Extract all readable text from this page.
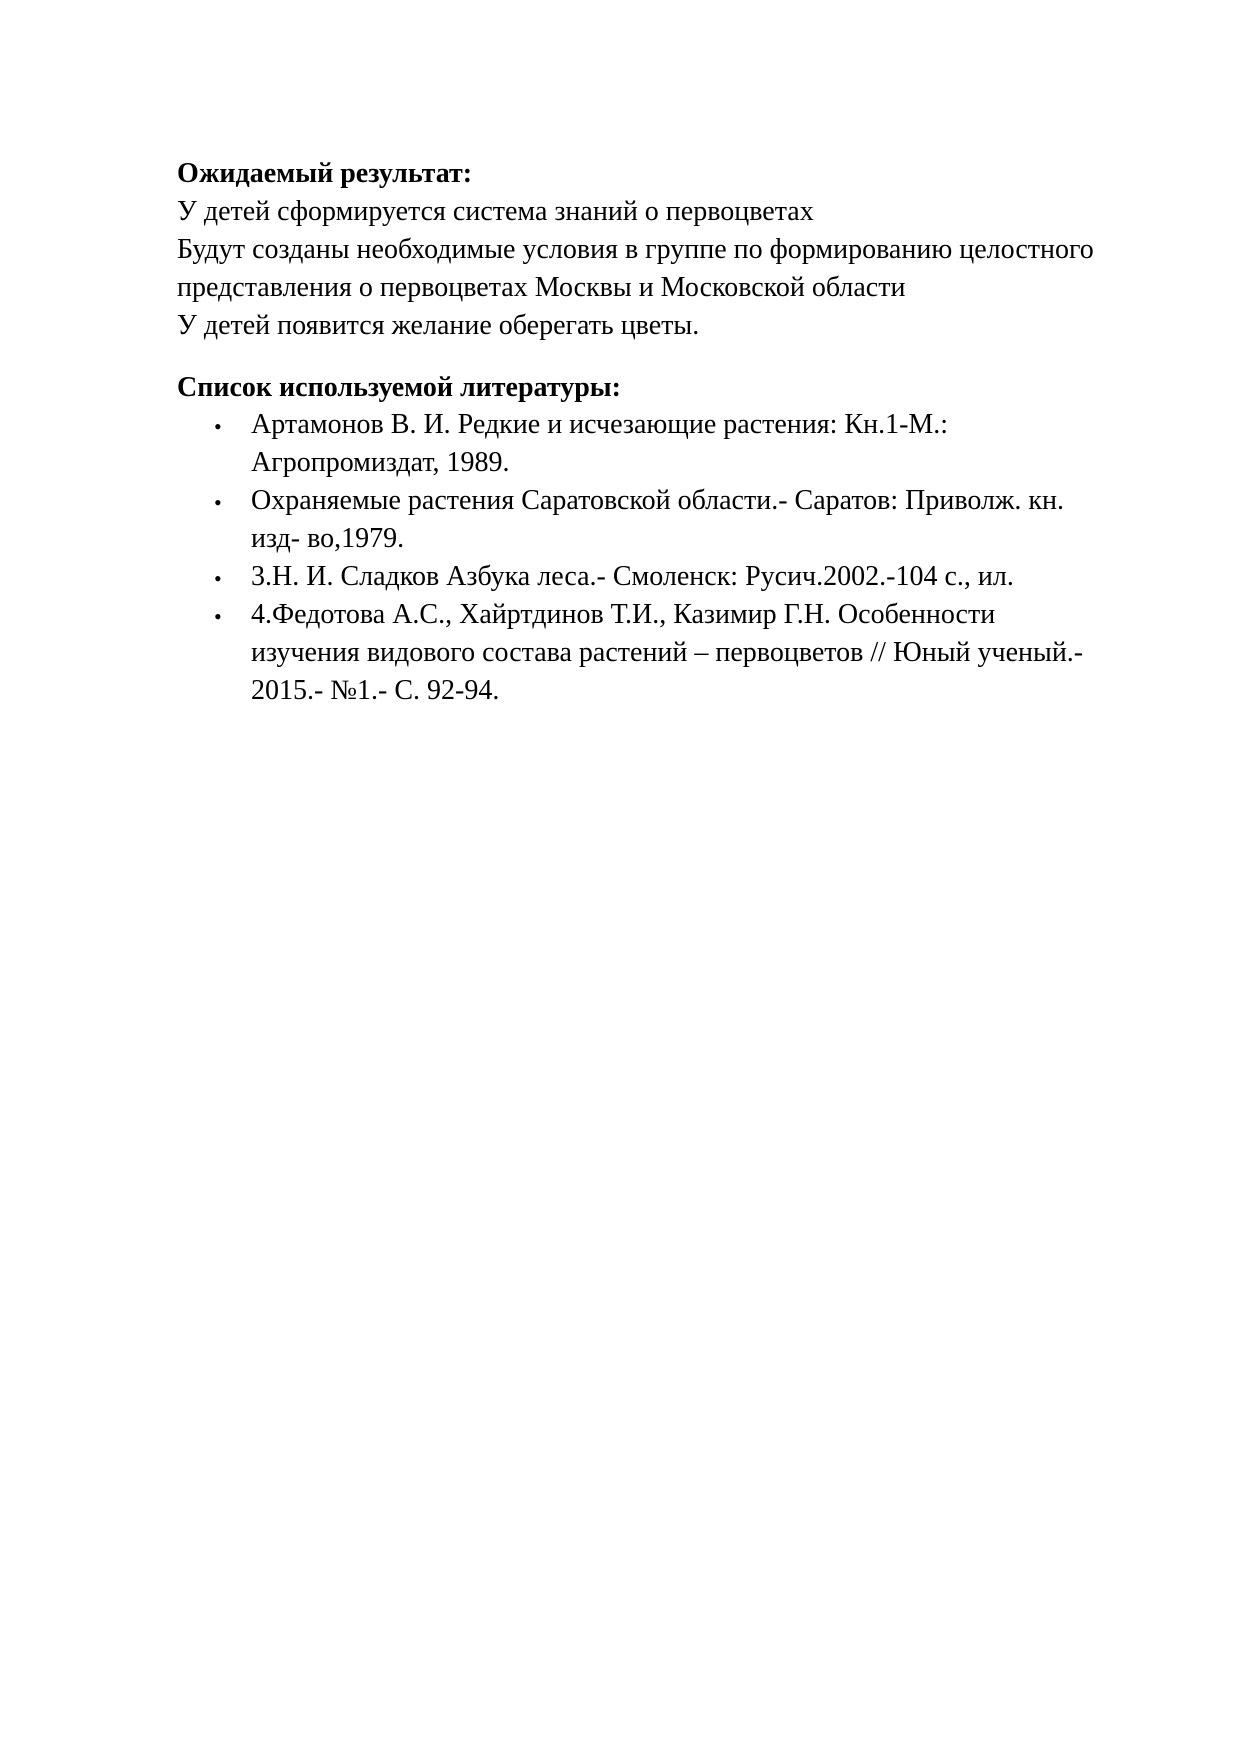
Ожидаемый результат:
У детей сформируется система знаний о первоцветах
Будут созданы необходимые условия в группе по формированию целостного
представления о первоцветах Москвы и Московской области
У детей появится желание оберегать цветы.
Список используемой литературы:
• Артамонов В. И. Редкие и исчезающие растения: Кн.1-М.:
Агропромиздат, 1989.
• Охраняемые растения Саратовской области.- Саратов: Приволж. кн.
изд- во,1979.
• 3.Н. И. Сладков Азбука леса.- Смоленск: Русич.2002.-104 с., ил.
• 4.Федотова А.С., Хайртдинов Т.И., Казимир Г.Н. Особенности
изучения видового состава растений – первоцветов // Юный ученый.-
2015.- №1.- С. 92-94.
